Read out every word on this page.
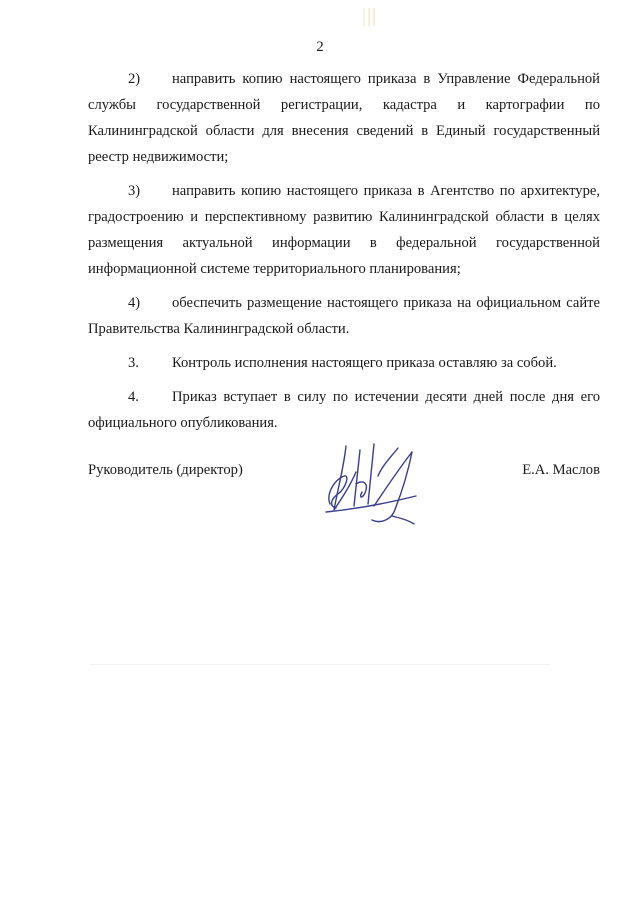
2

2) направить копию настоящего приказа в Управление Федеральной службы государственной регистрации, кадастра и картографии по Калининградской области для внесения сведений в Единый государственный реестр недвижимости;

3) направить копию настоящего приказа в Агентство по архитектуре, градостроению и перспективному развитию Калининградской области в целях размещения актуальной информации в федеральной государственной информационной системе территориального планирования;

4) обеспечить размещение настоящего приказа на официальном сайте Правительства Калининградской области.

3. Контроль исполнения настоящего приказа оставляю за собой.

4. Приказ вступает в силу по истечении десяти дней после дня его официального опубликования.

Руководитель (директор)	Е.А. Маслов
